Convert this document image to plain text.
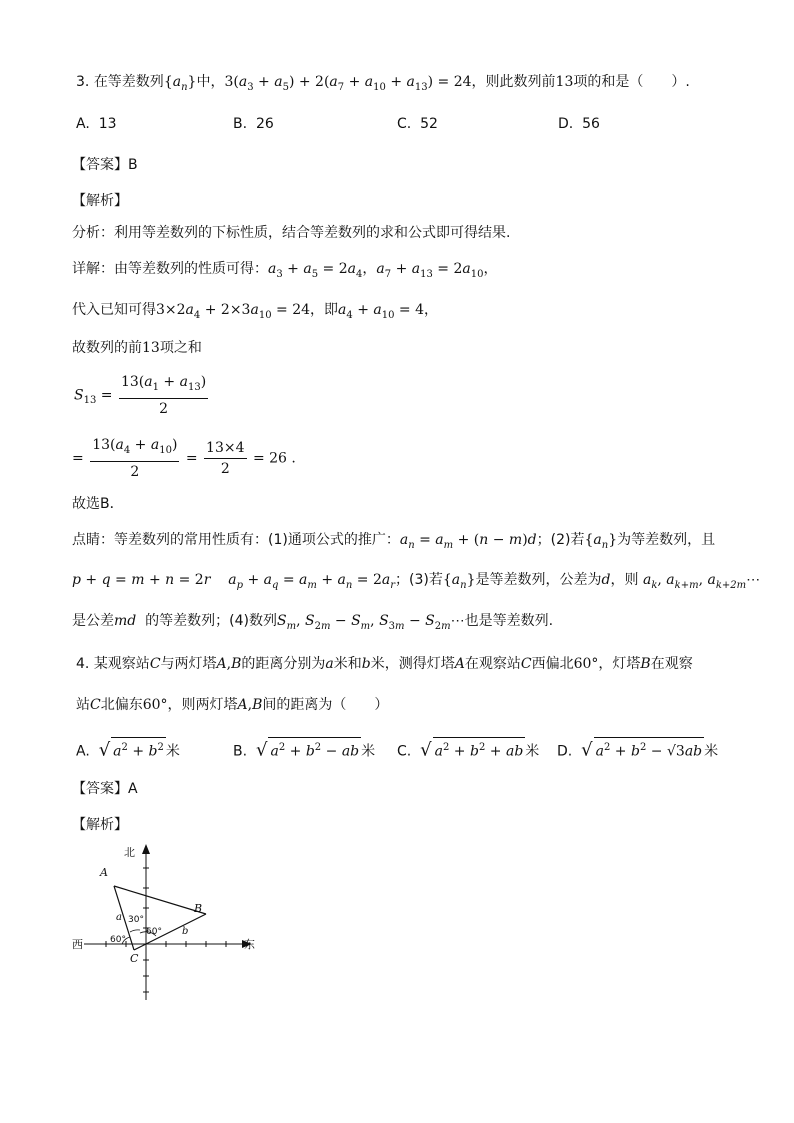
3. 在等差数列$\{a_n\}$中，$3(a_3 + a_5) + 2(a_7 + a_{10} + a_{13}) = 24$，则此数列前13项的和是（　　）.
A. 13	B. 26	C. 52	D. 56
【答案】B
【解析】
分析：利用等差数列的下标性质，结合等差数列的求和公式即可得结果.
详解：由等差数列的性质可得：$a_3 + a_5 = 2a_4$，$a_7 + a_{13} = 2a_{10}$，
代入已知可得$3\times 2a_4 + 2\times 3a_{10} = 24$，即$a_4 + a_{10} = 4$，
故数列的前13项之和
$S_{13} = \frac{13(a_1 + a_{13})}{2}$
= $\frac{13(a_4 + a_{10})}{2} = \frac{13\times 4}{2} = 26$ .
故选B．
点睛：等差数列的常用性质有：(1)通项公式的推广：$a_n = a_m + (n - m)d$；(2)若$\{a_n\}$为等差数列，且
p + q = m + n = 2r $a_p + a_q = a_m + a_n = 2a_r$；(3)若$\{a_n\}$是等差数列，公差为d，则 $a_k$, $a_{k+m}$, $a_{k+2m}\cdots$
是公差md 的等差数列；(4)数列$S_m$, $S_{2m} - S_m$, $S_{3m}$ − $S_{2m}\cdots$也是等差数列.
4. 某观察站C与两灯塔A,B的距离分别为a米和b米，测得灯塔A在观察站C西偏北60°，灯塔B在观察
站C北偏东60°，则两灯塔A,B间的距离为（　　）
A. √ $a^2 + b^2$ 米	B. √ $a^2 + b^2$ − ab 米 C. √ $a^2 + b^2$ + ab 米 D. √ $a^2 + b^2 - √3ab$ 米
【答案】A
【解析】
北
东
西
A
B
C
a
b
30°
60°
60°
